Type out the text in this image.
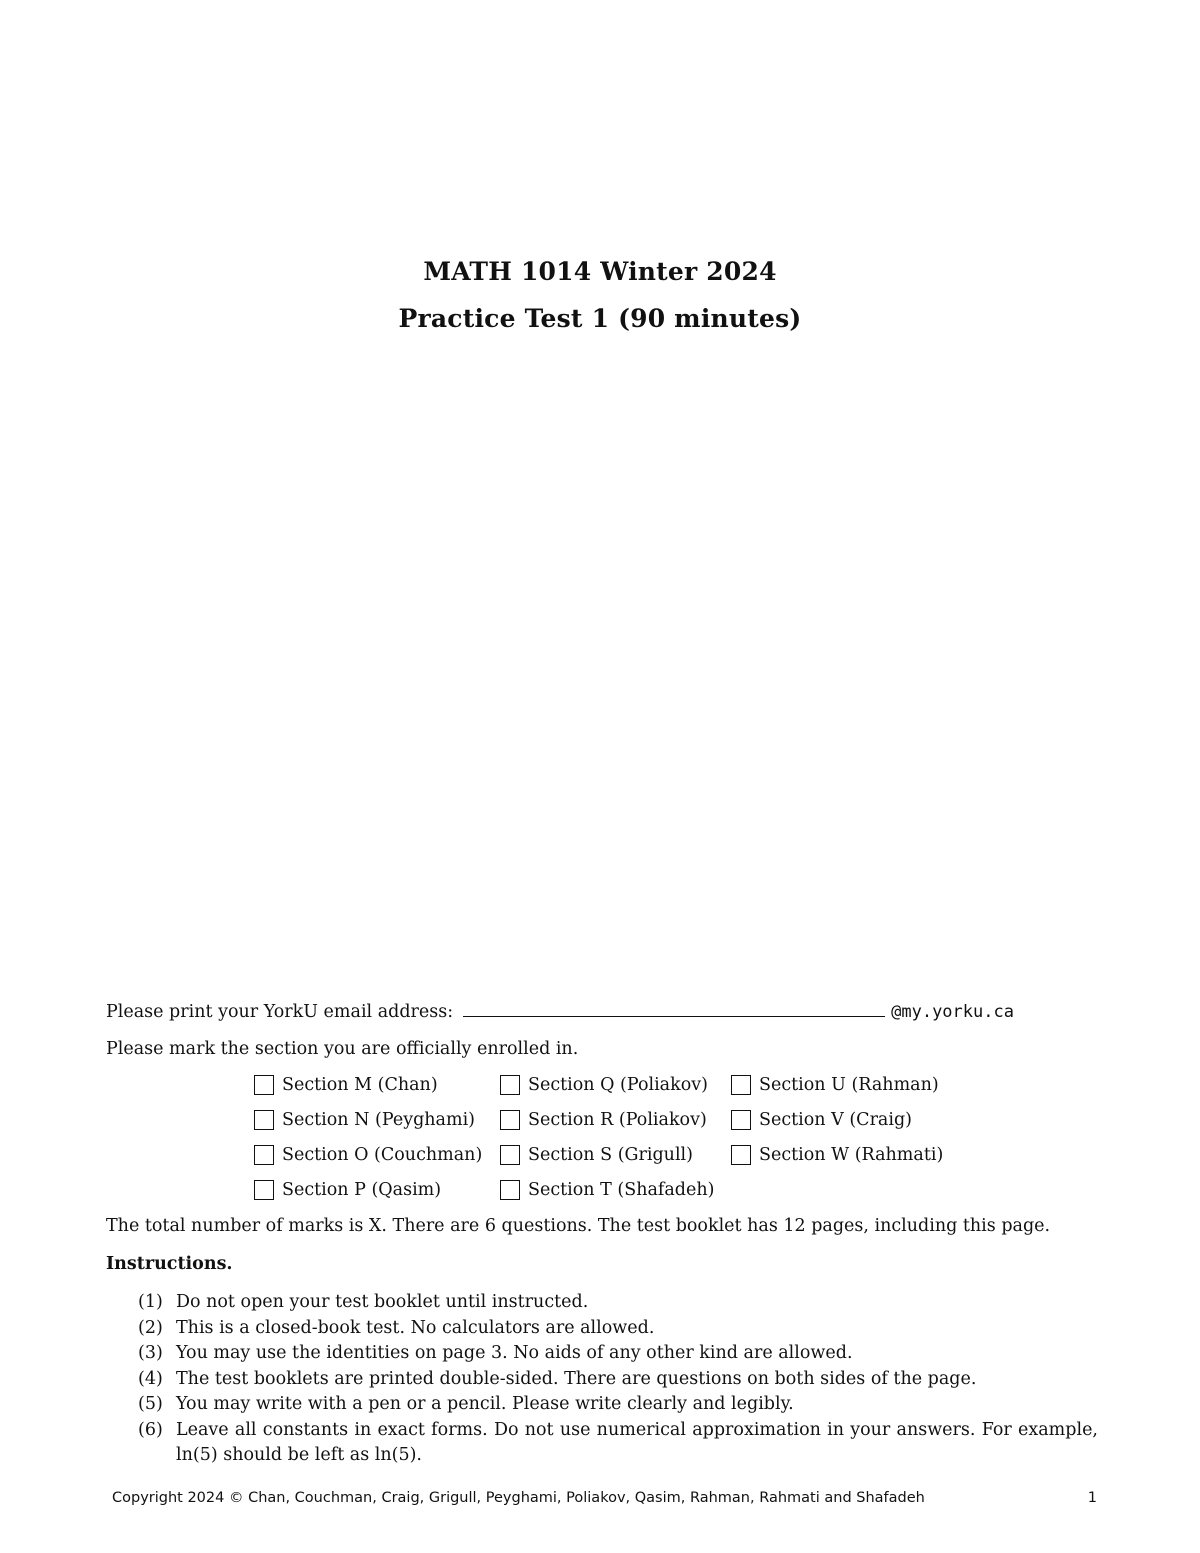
MATH 1014 Winter 2024
Practice Test 1 (90 minutes)
Please print your YorkU email address:	@my.yorku.ca
Please mark the section you are officially enrolled in.
Section M (Chan)
Section N (Peyghami)
Section O (Couchman)
Section P (Qasim)
Section Q (Poliakov)
Section R (Poliakov)
Section S (Grigull)
Section T (Shafadeh)
Section U (Rahman)
Section V (Craig)
Section W (Rahmati)
The total number of marks is X. There are 6 questions. The test booklet has 12 pages, including this page.
Instructions.
(1) Do not open your test booklet until instructed.
(2) This is a closed-book test. No calculators are allowed.
(3) You may use the identities on page 3. No aids of any other kind are allowed.
(4) The test booklets are printed double-sided. There are questions on both sides of the page.
(5) You may write with a pen or a pencil. Please write clearly and legibly.
(6) Leave all constants in exact forms. Do not use numerical approximation in your answers. For example, ln(5) should be left as ln(5).
Copyright 2024 © Chan, Couchman, Craig, Grigull, Peyghami, Poliakov, Qasim, Rahman, Rahmati and Shafadeh	1
